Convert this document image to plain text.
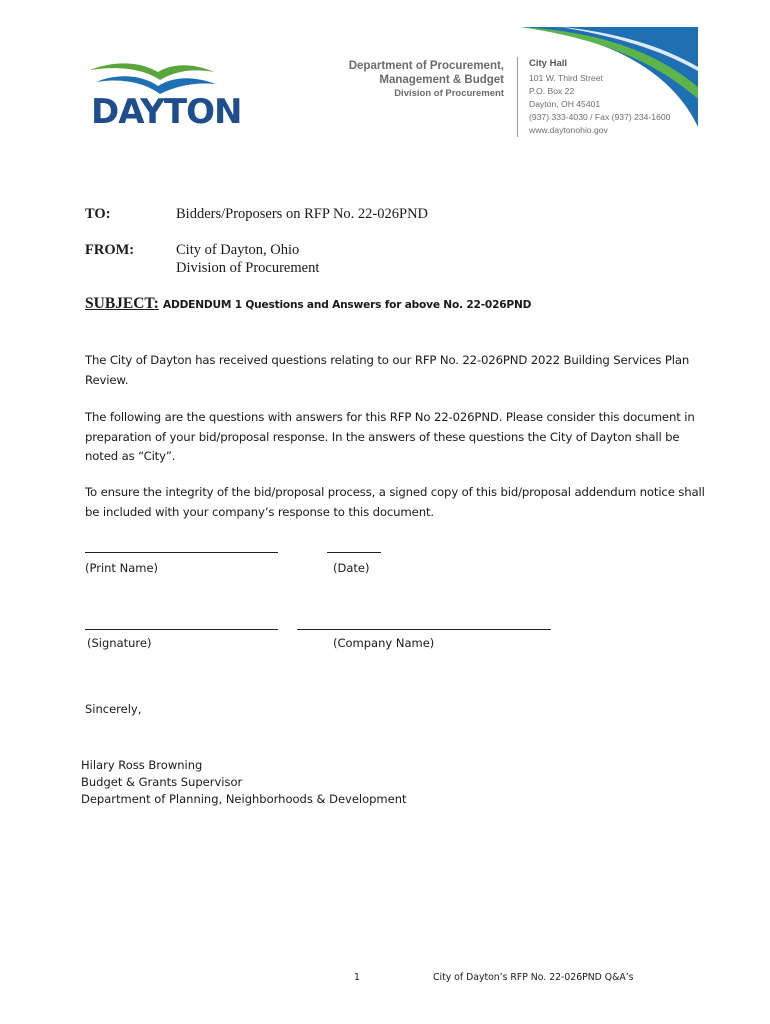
DAYTON
Department of Procurement,
Management & Budget
Division of Procurement
City Hall
101 W. Third Street
P.O. Box 22
Dayton, OH 45401
(937) 333-4030 / Fax (937) 234-1600
www.daytonohio.gov
TO:	Bidders/Proposers on RFP No. 22-026PND
FROM:	City of Dayton, Ohio
Division of Procurement
SUBJECT: ADDENDUM 1 Questions and Answers for above No. 22-026PND
The City of Dayton has received questions relating to our RFP No. 22-026PND 2022 Building Services Plan Review.
The following are the questions with answers for this RFP No 22-026PND. Please consider this document in preparation of your bid/proposal response. In the answers of these questions the City of Dayton shall be noted as “City”.
To ensure the integrity of the bid/proposal process, a signed copy of this bid/proposal addendum notice shall be included with your company’s response to this document.
(Print Name)	(Date)
(Signature)	(Company Name)
Sincerely,
Hilary Ross Browning
Budget & Grants Supervisor
Department of Planning, Neighborhoods & Development
1	City of Dayton’s RFP No. 22-026PND Q&A’s
